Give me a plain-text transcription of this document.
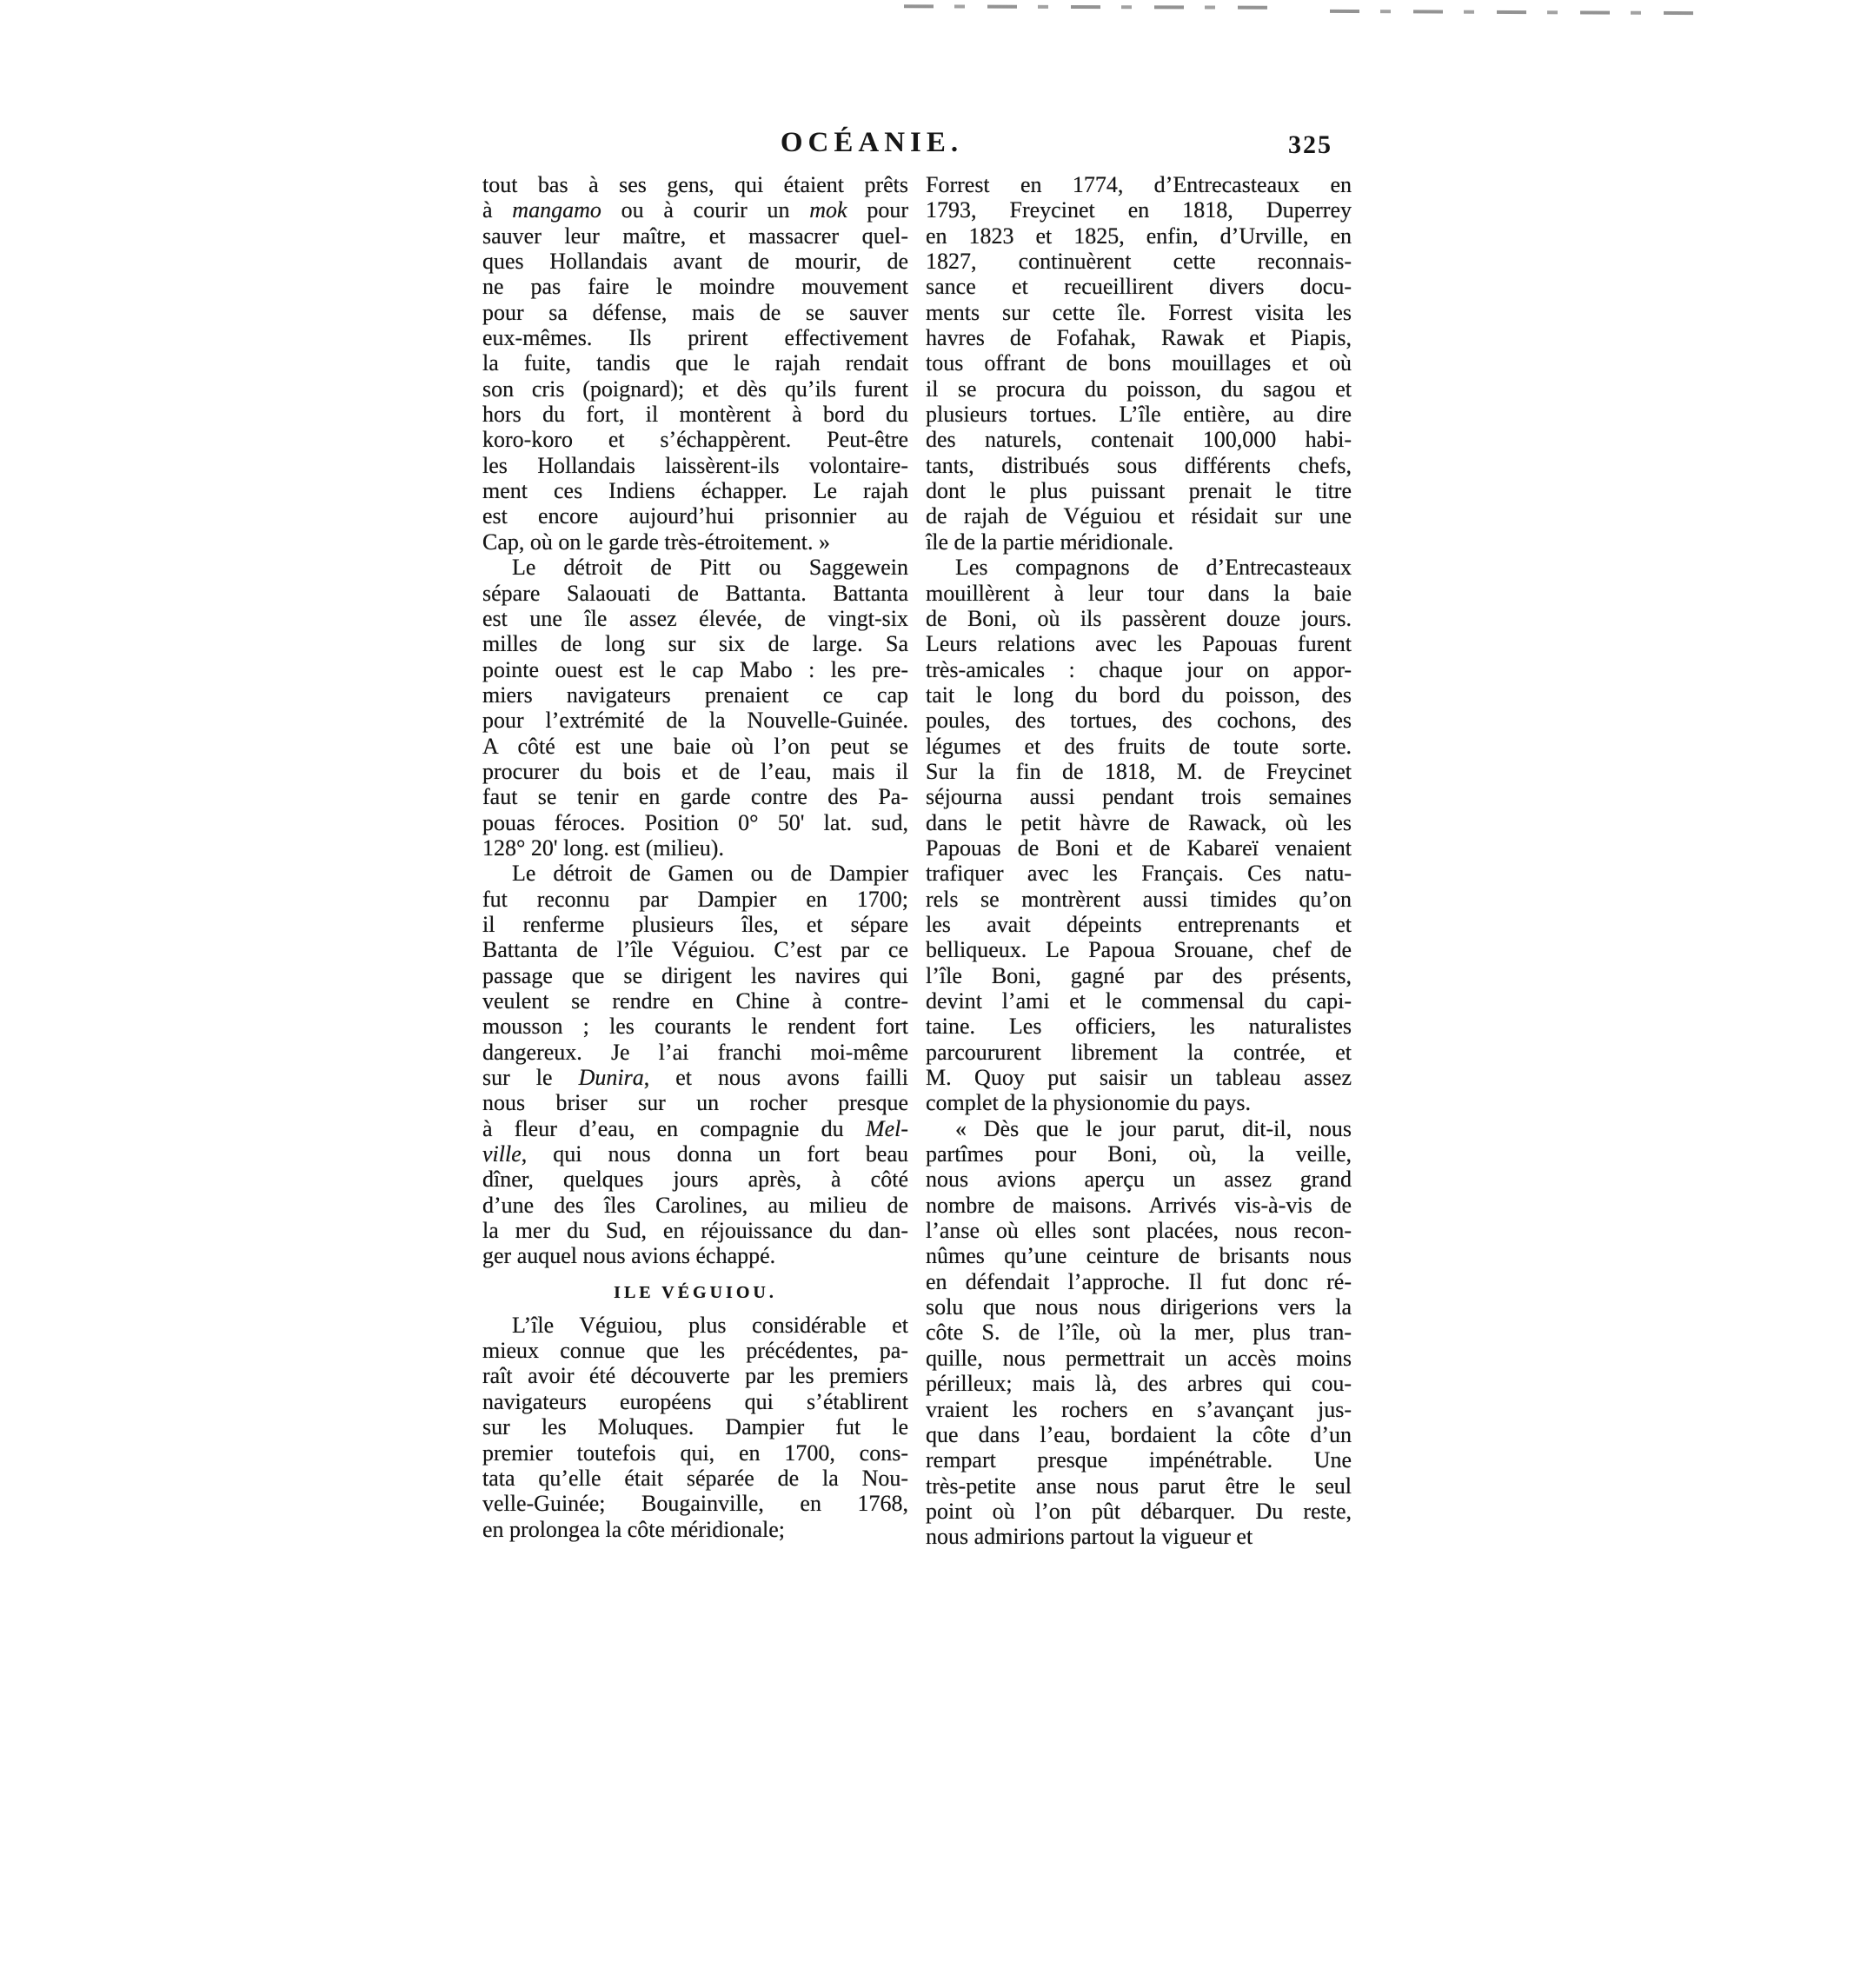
OCÉANIE.	325
tout bas à ses gens, qui étaient prêts
à mangamo ou à courir un mok pour
sauver leur maître, et massacrer quel-
ques Hollandais avant de mourir, de
ne pas faire le moindre mouvement
pour sa défense, mais de se sauver
eux-mêmes. Ils prirent effectivement
la fuite, tandis que le rajah rendait
son cris (poignard); et dès qu’ils furent
hors du fort, il montèrent à bord du
koro-koro et s’échappèrent. Peut-être
les Hollandais laissèrent-ils volontaire-
ment ces Indiens échapper. Le rajah
est encore aujourd’hui prisonnier au
Cap, où on le garde très-étroitement. »
Le détroit de Pitt ou Saggewein
sépare Salaouati de Battanta. Battanta
est une île assez élevée, de vingt-six
milles de long sur six de large. Sa
pointe ouest est le cap Mabo : les pre-
miers navigateurs prenaient ce cap
pour l’extrémité de la Nouvelle-Guinée.
A côté est une baie où l’on peut se
procurer du bois et de l’eau, mais il
faut se tenir en garde contre des Pa-
pouas féroces. Position 0° 50' lat. sud,
128° 20' long. est (milieu).
Le détroit de Gamen ou de Dampier
fut reconnu par Dampier en 1700;
il renferme plusieurs îles, et sépare
Battanta de l’île Véguiou. C’est par ce
passage que se dirigent les navires qui
veulent se rendre en Chine à contre-
mousson ; les courants le rendent fort
dangereux. Je l’ai franchi moi-même
sur le Dunira, et nous avons failli
nous briser sur un rocher presque
à fleur d’eau, en compagnie du Mel-
ville, qui nous donna un fort beau
dîner, quelques jours après, à côté
d’une des îles Carolines, au milieu de
la mer du Sud, en réjouissance du dan-
ger auquel nous avions échappé.
ILE VÉGUIOU.
L’île Véguiou, plus considérable et
mieux connue que les précédentes, pa-
raît avoir été découverte par les premiers
navigateurs européens qui s’établirent
sur les Moluques. Dampier fut le
premier toutefois qui, en 1700, cons-
tata qu’elle était séparée de la Nou-
velle-Guinée; Bougainville, en 1768,
en prolongea la côte méridionale;
Forrest en 1774, d’Entrecasteaux en
1793, Freycinet en 1818, Duperrey
en 1823 et 1825, enfin, d’Urville, en
1827, continuèrent cette reconnais-
sance et recueillirent divers docu-
ments sur cette île. Forrest visita les
havres de Fofahak, Rawak et Piapis,
tous offrant de bons mouillages et où
il se procura du poisson, du sagou et
plusieurs tortues. L’île entière, au dire
des naturels, contenait 100,000 habi-
tants, distribués sous différents chefs,
dont le plus puissant prenait le titre
de rajah de Véguiou et résidait sur une
île de la partie méridionale.
Les compagnons de d’Entrecasteaux
mouillèrent à leur tour dans la baie
de Boni, où ils passèrent douze jours.
Leurs relations avec les Papouas furent
très-amicales : chaque jour on appor-
tait le long du bord du poisson, des
poules, des tortues, des cochons, des
légumes et des fruits de toute sorte.
Sur la fin de 1818, M. de Freycinet
séjourna aussi pendant trois semaines
dans le petit hàvre de Rawack, où les
Papouas de Boni et de Kabareï venaient
trafiquer avec les Français. Ces natu-
rels se montrèrent aussi timides qu’on
les avait dépeints entreprenants et
belliqueux. Le Papoua Srouane, chef de
l’île Boni, gagné par des présents,
devint l’ami et le commensal du capi-
taine. Les officiers, les naturalistes
parcoururent librement la contrée, et
M. Quoy put saisir un tableau assez
complet de la physionomie du pays.
« Dès que le jour parut, dit-il, nous
partîmes pour Boni, où, la veille,
nous avions aperçu un assez grand
nombre de maisons. Arrivés vis-à-vis de
l’anse où elles sont placées, nous recon-
nûmes qu’une ceinture de brisants nous
en défendait l’approche. Il fut donc ré-
solu que nous nous dirigerions vers la
côte S. de l’île, où la mer, plus tran-
quille, nous permettrait un accès moins
périlleux; mais là, des arbres qui cou-
vraient les rochers en s’avançant jus-
que dans l’eau, bordaient la côte d’un
rempart presque impénétrable. Une
très-petite anse nous parut être le seul
point où l’on pût débarquer. Du reste,
nous admirions partout la vigueur et
